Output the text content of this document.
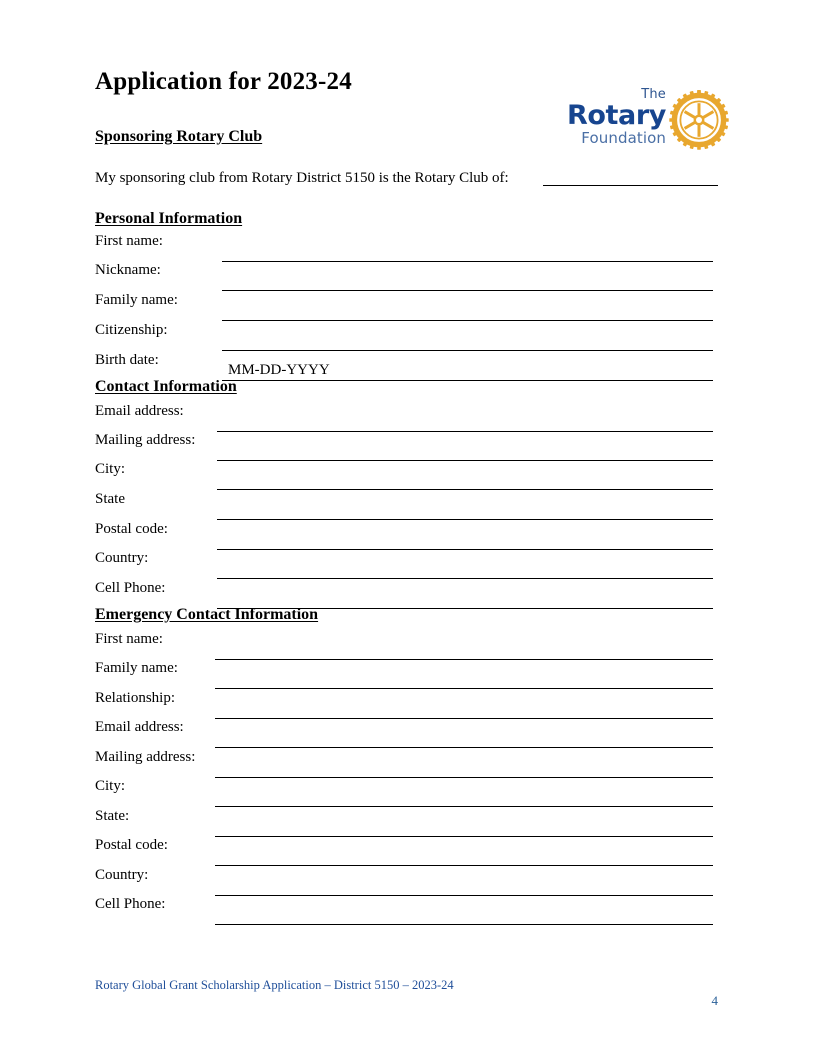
Application for 2023-24	The
Rotary
Foundation
Sponsoring Rotary Club
My sponsoring club from Rotary District 5150 is the Rotary Club of:
Personal Information
First name:
Nickname:
Family name:
Citizenship:
Birth date:
MM-DD-YYYY
Contact Information
Email address:
Mailing address:
City:
State
Postal code:
Country:
Cell Phone:
Emergency Contact Information
First name:
Family name:
Relationship:
Email address:
Mailing address:
City:
State:
Postal code:
Country:
Cell Phone:
Rotary Global Grant Scholarship Application – District 5150 – 2023-24
4
